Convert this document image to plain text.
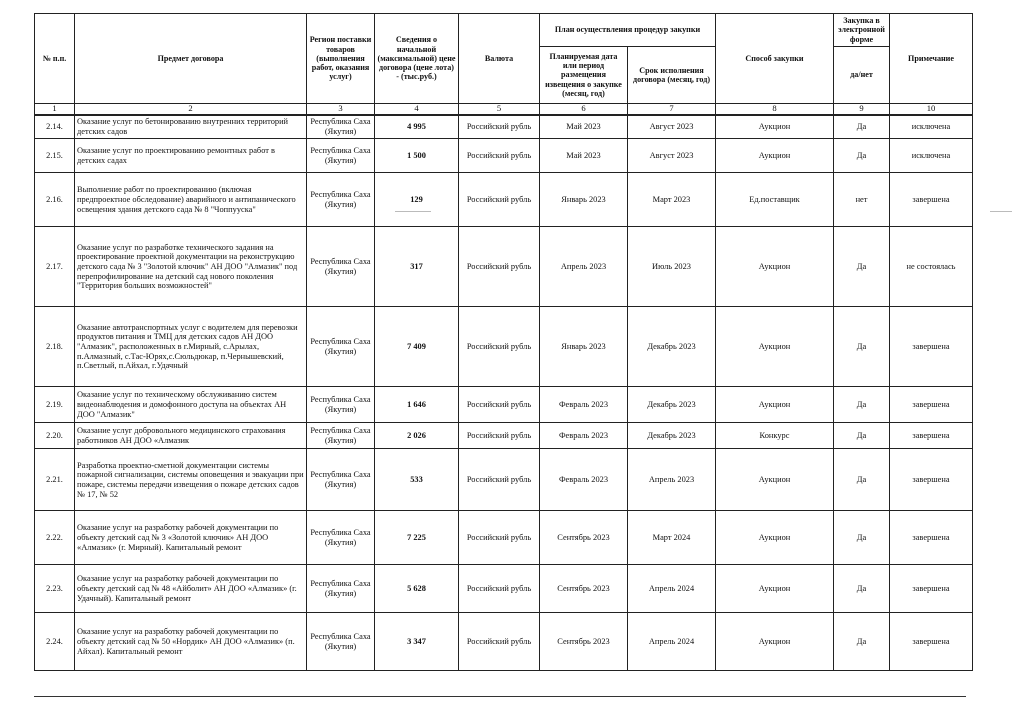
№ п.п.	Предмет договора	Регион поставки товаров (выполнения работ, оказания услуг)	Сведения о начальной (максимальной) цене договора (цене лота) - (тыс.руб.)	Валюта	План осуществления процедур закупки		Способ закупки	Закупка в электронной форме	Примечание
					Планируемая дата или период размещения извещения о закупке (месяц, год)	Срок исполнения договора (месяц, год)		да/нет	
1	2	3	4	5	6	7	8	9	10
2.14.	Оказание услуг по бетонированию внутренних территорий детских садов	Республика Саха (Якутия)	4 995	Российский рубль	Май 2023	Август 2023	Аукцион	Да	исключена
2.15.	Оказание услуг по проектированию ремонтных работ в детских садах	Республика Саха (Якутия)	1 500	Российский рубль	Май 2023	Август 2023	Аукцион	Да	исключена
2.16.	Выполнение работ по проектированию (включая предпроектное обследование) аварийного и антипанического освещения здания детского сада № 8 "Чоппууска"	Республика Саха (Якутия)	129	Российский рубль	Январь 2023	Март 2023	Ед.поставщик	нет	завершена
2.17.	Оказание услуг по разработке технического задания на проектирование проектной документации на реконструкцию детского сада № 3 "Золотой ключик" АН ДОО "Алмазик" под перепрофилирование на детский сад нового поколения "Территория больших возможностей"	Республика Саха (Якутия)	317	Российский рубль	Апрель 2023	Июль 2023	Аукцион	Да	не состоялась
2.18.	Оказание автотранспортных услуг с водителем для перевозки продуктов питания и ТМЦ для детских садов АН ДОО "Алмазик", расположенных в г.Мирный, с.Арылах, п.Алмазный, с.Тас-Юрях,с.Сюльдюкар, п.Чернышевский, п.Светлый, п.Айхал, г.Удачный	Республика Саха (Якутия)	7 409	Российский рубль	Январь 2023	Декабрь 2023	Аукцион	Да	завершена
2.19.	Оказание услуг по техническому обслуживанию систем видеонаблюдения и домофонного доступа на объектах АН ДОО "Алмазик"	Республика Саха (Якутия)	1 646	Российский рубль	Февраль 2023	Декабрь 2023	Аукцион	Да	завершена
2.20.	Оказание услуг добровольного медицинского страхования работников АН ДОО «Алмазик	Республика Саха (Якутия)	2 026	Российский рубль	Февраль 2023	Декабрь 2023	Конкурс	Да	завершена
2.21.	Разработка проектно-сметной документации системы пожарной сигнализации, системы оповещения и эвакуации при пожаре, системы передачи извещения о пожаре детских садов № 17, № 52	Республика Саха (Якутия)	533	Российский рубль	Февраль 2023	Апрель 2023	Аукцион	Да	завершена
2.22.	Оказание услуг на разработку рабочей документации по объекту детский сад № 3 «Золотой ключик» АН ДОО «Алмазик» (г. Мирный). Капитальный ремонт	Республика Саха (Якутия)	7 225	Российский рубль	Сентябрь 2023	Март 2024	Аукцион	Да	завершена
2.23.	Оказание услуг на разработку рабочей документации по объекту детский сад № 48 «Айболит» АН ДОО «Алмазик» (г. Удачный). Капитальный ремонт	Республика Саха (Якутия)	5 628	Российский рубль	Сентябрь 2023	Апрель 2024	Аукцион	Да	завершена
2.24.	Оказание услуг на разработку рабочей документации по объекту детский сад № 50 «Нордик» АН ДОО «Алмазик» (п. Айхал). Капитальный ремонт	Республика Саха (Якутия)	3 347	Российский рубль	Сентябрь 2023	Апрель 2024	Аукцион	Да	завершена
